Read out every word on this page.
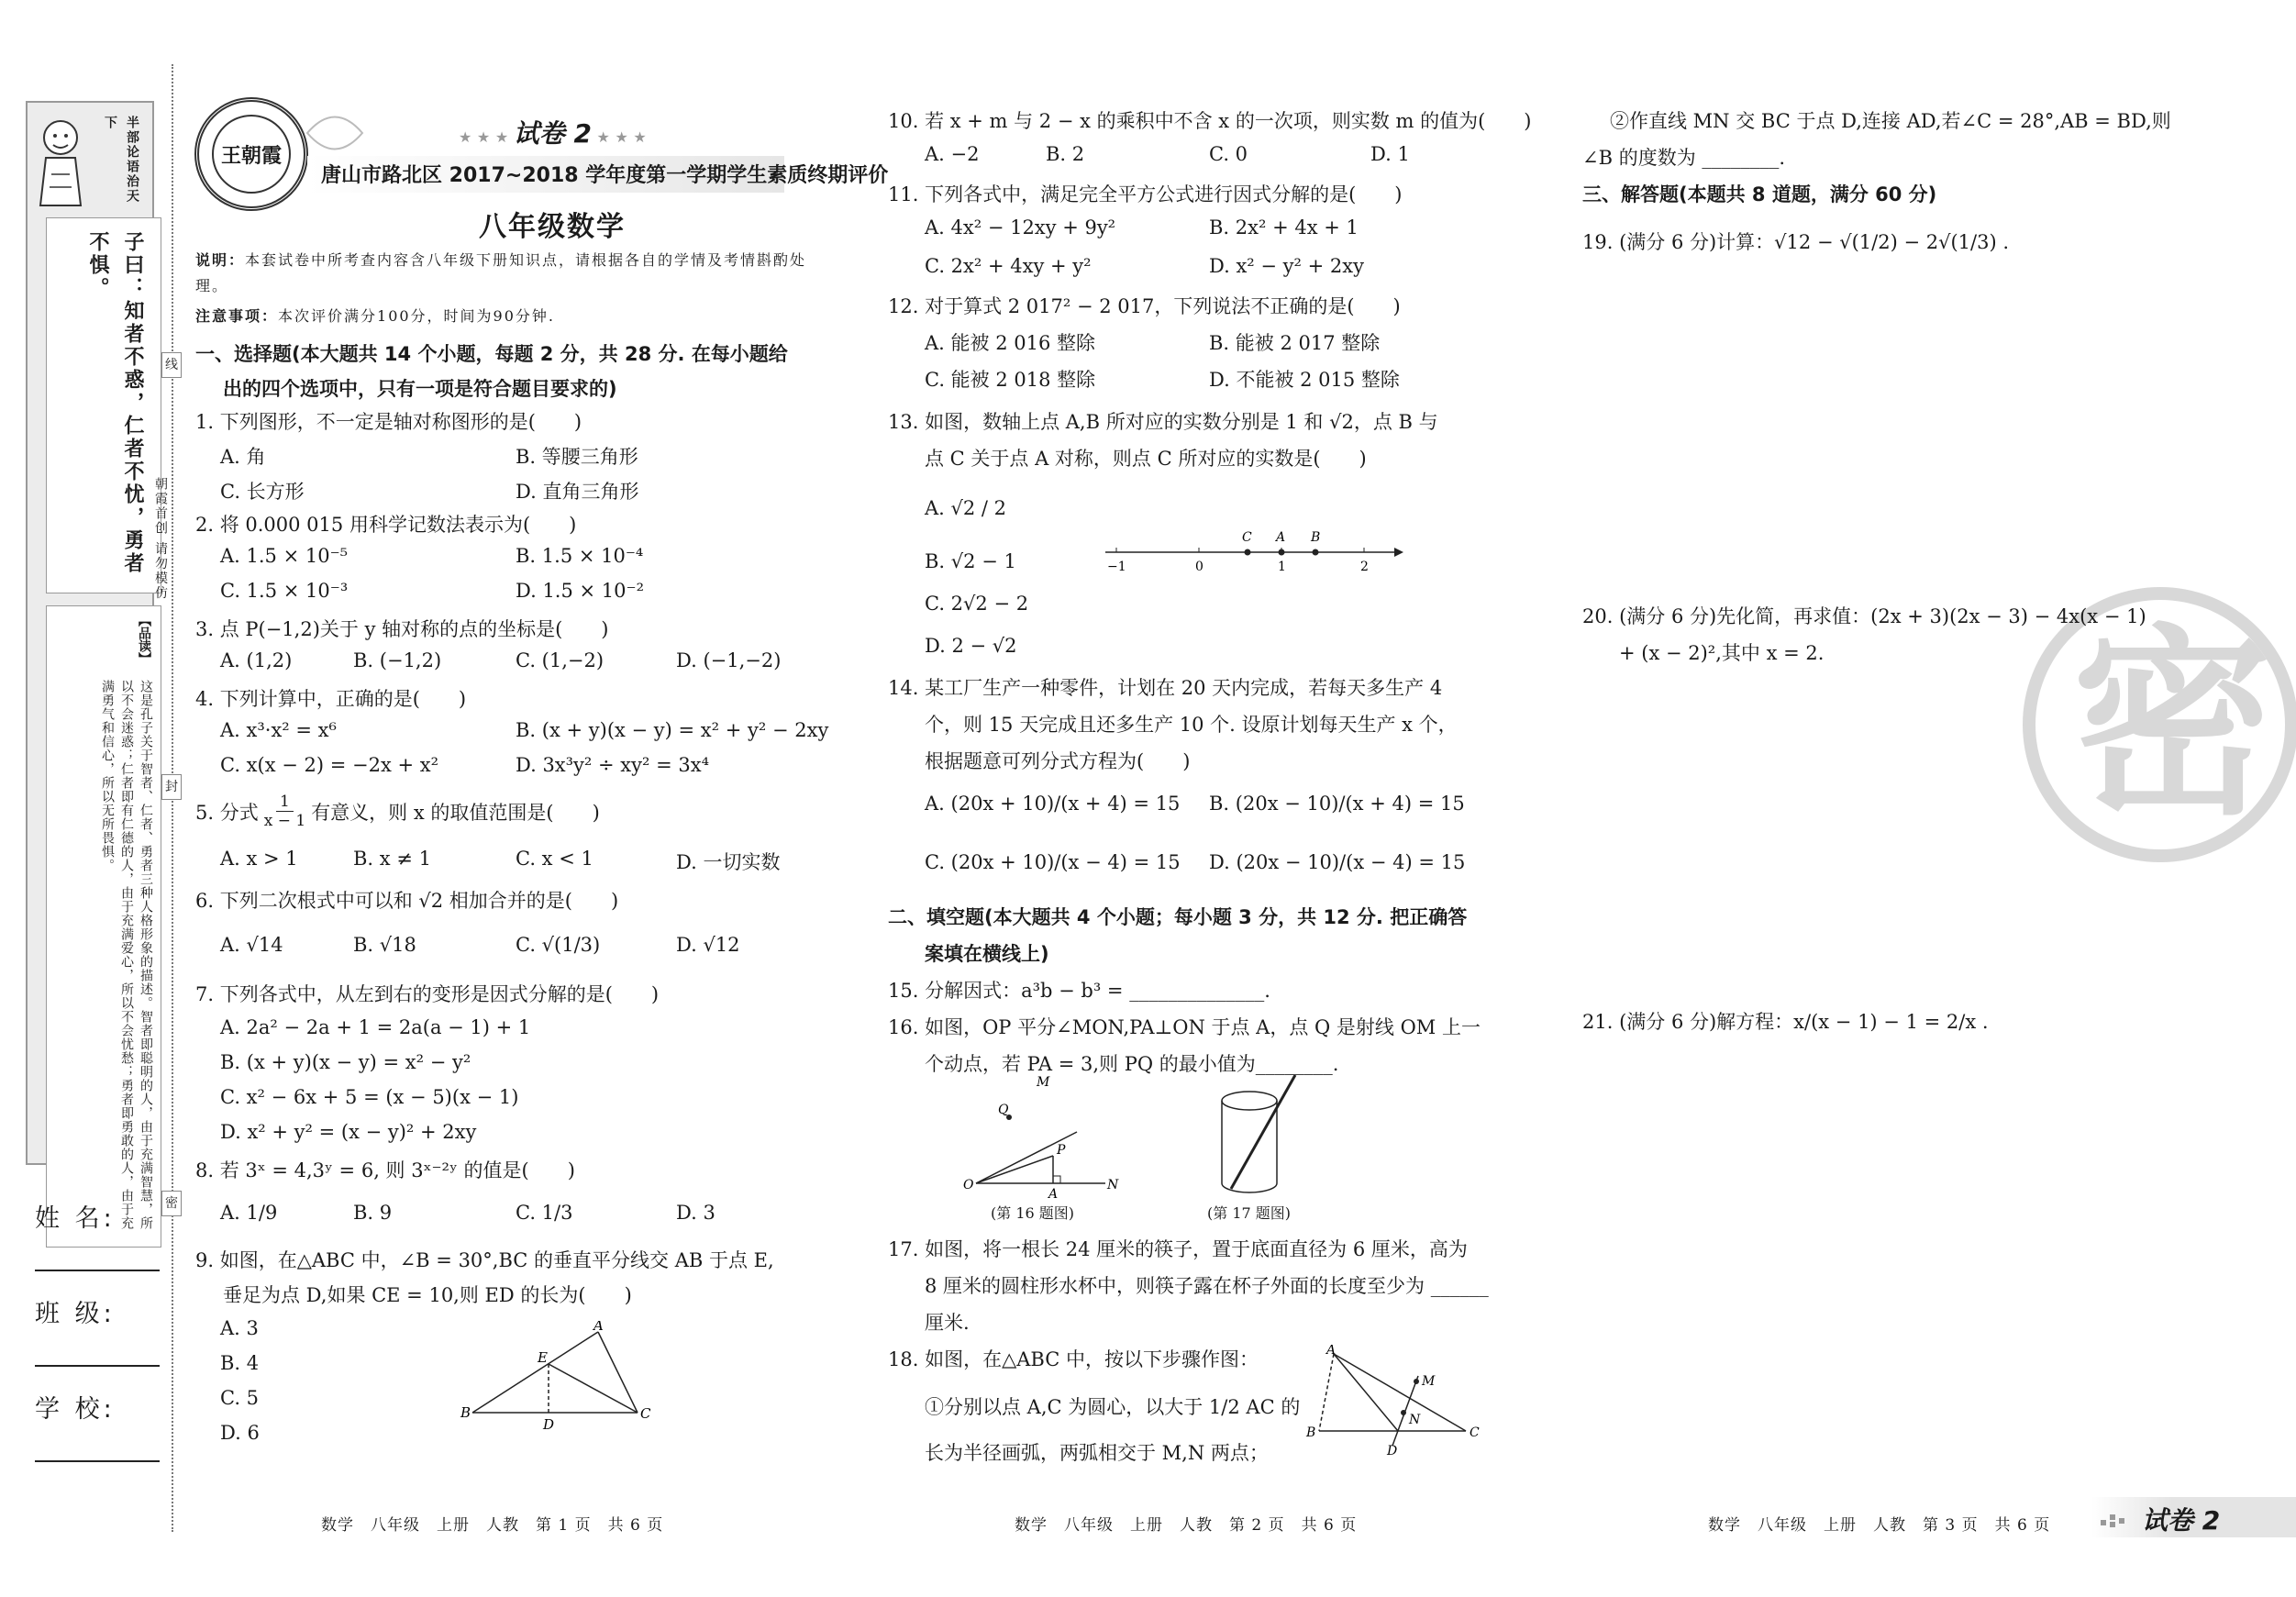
半部论语治天下
子曰：知者不惑，仁者不忧，勇者不惧。
【品读】
这是孔子关于智者、仁者、勇者三种人格形象的描述。智者即聪明的人，由于充满智慧，所以不会迷惑；仁者即有仁德的人，由于充满爱心，所以不会忧愁；勇者即勇敢的人，由于充满勇气和信心，所以无所畏惧。
姓 名:
班 级:
学 校:
线
封
密
朝霞首创 请勿模仿
王朝霞
★ ★ ★ 试卷 2 ★ ★ ★
唐山市路北区 2017~2018 学年度第一学期学生素质终期评价
八年级数学
说明：本套试卷中所考查内容含八年级下册知识点，请根据各自的学情及考情斟酌处理。
注意事项：本次评价满分100分，时间为90分钟.
一、选择题(本大题共 14 个小题，每题 2 分，共 28 分. 在每小题给
出的四个选项中，只有一项是符合题目要求的)
1. 下列图形，不一定是轴对称图形的是(　　)
A. 角	B. 等腰三角形
C. 长方形	D. 直角三角形
2. 将 0.000 015 用科学记数法表示为(　　)
A. 1.5 × 10⁻⁵	B. 1.5 × 10⁻⁴
C. 1.5 × 10⁻³	D. 1.5 × 10⁻²
3. 点 P(−1,2)关于 y 轴对称的点的坐标是(　　)
A. (1,2)	B. (−1,2)	C. (1,−2)	D. (−1,−2)
4. 下列计算中，正确的是(　　)
A. x³·x² = x⁶	B. (x + y)(x − y) = x² + y² − 2xy
C. x(x − 2) = −2x + x²	D. 3x³y² ÷ xy² = 3x⁴
5. 分式 $\frac{1}{x - 1}$ 有意义，则 x 的取值范围是(　　)
A. x > 1	B. x ≠ 1	C. x < 1	D. 一切实数
6. 下列二次根式中可以和 √2 相加合并的是(　　)
A. √14	B. √18	C. √(1/3)	D. √12
7. 下列各式中，从左到右的变形是因式分解的是(　　)
A. 2a² − 2a + 1 = 2a(a − 1) + 1
B. (x + y)(x − y) = x² − y²
C. x² − 6x + 5 = (x − 5)(x − 1)
D. x² + y² = (x − y)² + 2xy
8. 若 3ˣ = 4,3ʸ = 6, 则 3ˣ⁻²ʸ 的值是(　　)
A. 1/9	B. 9	C. 1/3	D. 3
9. 如图，在△ABC 中，∠B = 30°,BC 的垂直平分线交 AB 于点 E,
垂足为点 D,如果 CE = 10,则 ED 的长为(　　)
A. 3
B. 4
C. 5
D. 6
A
E
B
D
C
数学　八年级　上册　人教　第 1 页　共 6 页
10. 若 x + m 与 2 − x 的乘积中不含 x 的一次项，则实数 m 的值为(　　)
A. −2	B. 2	C. 0	D. 1
11. 下列各式中，满足完全平方公式进行因式分解的是(　　)
A. 4x² − 12xy + 9y²	B. 2x² + 4x + 1
C. 2x² + 4xy + y²	D. x² − y² + 2xy
12. 对于算式 2 017² − 2 017，下列说法不正确的是(　　)
A. 能被 2 016 整除	B. 能被 2 017 整除
C. 能被 2 018 整除	D. 不能被 2 015 整除
13. 如图，数轴上点 A,B 所对应的实数分别是 1 和 √2，点 B 与
点 C 关于点 A 对称，则点 C 所对应的实数是(　　)
A. √2 / 2
B. √2 − 1
C. 2√2 − 2
D. 2 − √2
−1	0	1	2
C A B
14. 某工厂生产一种零件，计划在 20 天内完成，若每天多生产 4
个，则 15 天完成且还多生产 10 个. 设原计划每天生产 x 个，
根据题意可列分式方程为(　　)
A. (20x + 10)/(x + 4) = 15 B. (20x − 10)/(x + 4) = 15
C. (20x + 10)/(x − 4) = 15 D. (20x − 10)/(x − 4) = 15
二、填空题(本大题共 4 个小题；每小题 3 分，共 12 分. 把正确答
案填在横线上)
15. 分解因式：a³b − b³ = ______________.
16. 如图，OP 平分∠MON,PA⊥ON 于点 A，点 Q 是射线 OM 上一
个动点，若 PA = 3,则 PQ 的最小值为________.
M
Q
P
O
A
N
(第 16 题图)	(第 17 题图)
17. 如图，将一根长 24 厘米的筷子，置于底面直径为 6 厘米，高为
8 厘米的圆柱形水杯中，则筷子露在杯子外面的长度至少为 ______
厘米.
18. 如图，在△ABC 中，按以下步骤作图：
①分别以点 A,C 为圆心，以大于 1/2 AC 的
长为半径画弧，两弧相交于 M,N 两点；
A
M
B
N
C
D
数学　八年级　上册　人教　第 2 页　共 6 页
密
②作直线 MN 交 BC 于点 D,连接 AD,若∠C = 28°,AB = BD,则
∠B 的度数为 ________.
三、解答题(本题共 8 道题，满分 60 分)
19. (满分 6 分)计算：√12 − √(1/2) − 2√(1/3) .
20. (满分 6 分)先化简，再求值：(2x + 3)(2x − 3) − 4x(x − 1)
+ (x − 2)²,其中 x = 2.
21. (满分 6 分)解方程：x/(x − 1) − 1 = 2/x .
数学　八年级　上册　人教　第 3 页　共 6 页	试卷 2
